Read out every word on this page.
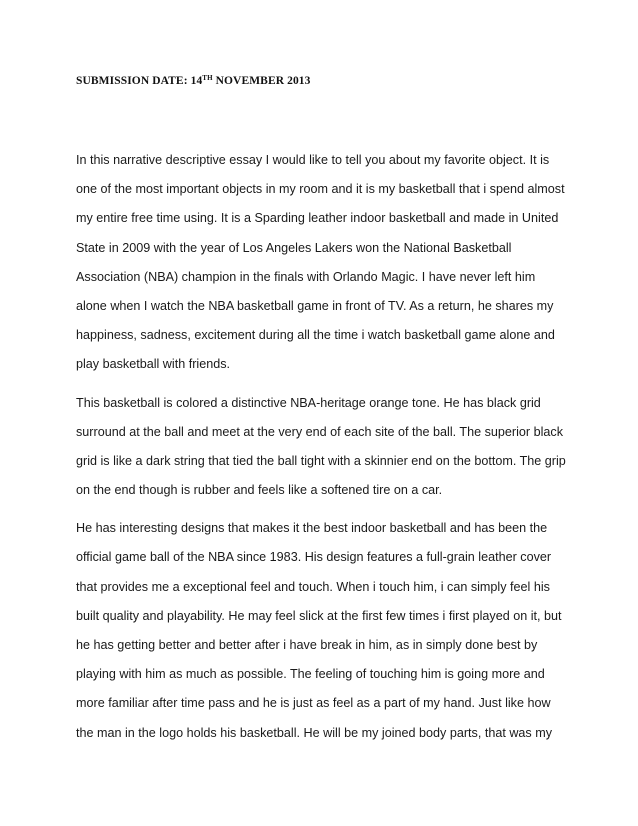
SUBMISSION DATE: 14TH NOVEMBER 2013
In this narrative descriptive essay I would like to tell you about my favorite object. It is
one of the most important objects in my room and it is my basketball that i spend almost
my entire free time using. It is a Sparding leather indoor basketball and made in United
State in 2009 with the year of Los Angeles Lakers won the National Basketball
Association (NBA) champion in the finals with Orlando Magic. I have never left him
alone when I watch the NBA basketball game in front of TV. As a return, he shares my
happiness, sadness, excitement during all the time i watch basketball game alone and
play basketball with friends.
This basketball is colored a distinctive NBA-heritage orange tone. He has black grid
surround at the ball and meet at the very end of each site of the ball. The superior black
grid is like a dark string that tied the ball tight with a skinnier end on the bottom. The grip
on the end though is rubber and feels like a softened tire on a car.
He has interesting designs that makes it the best indoor basketball and has been the
official game ball of the NBA since 1983. His design features a full-grain leather cover
that provides me a exceptional feel and touch. When i touch him, i can simply feel his
built quality and playability. He may feel slick at the first few times i first played on it, but
he has getting better and better after i have break in him, as in simply done best by
playing with him as much as possible. The feeling of touching him is going more and
more familiar after time pass and he is just as feel as a part of my hand. Just like how
the man in the logo holds his basketball. He will be my joined body parts, that was my
